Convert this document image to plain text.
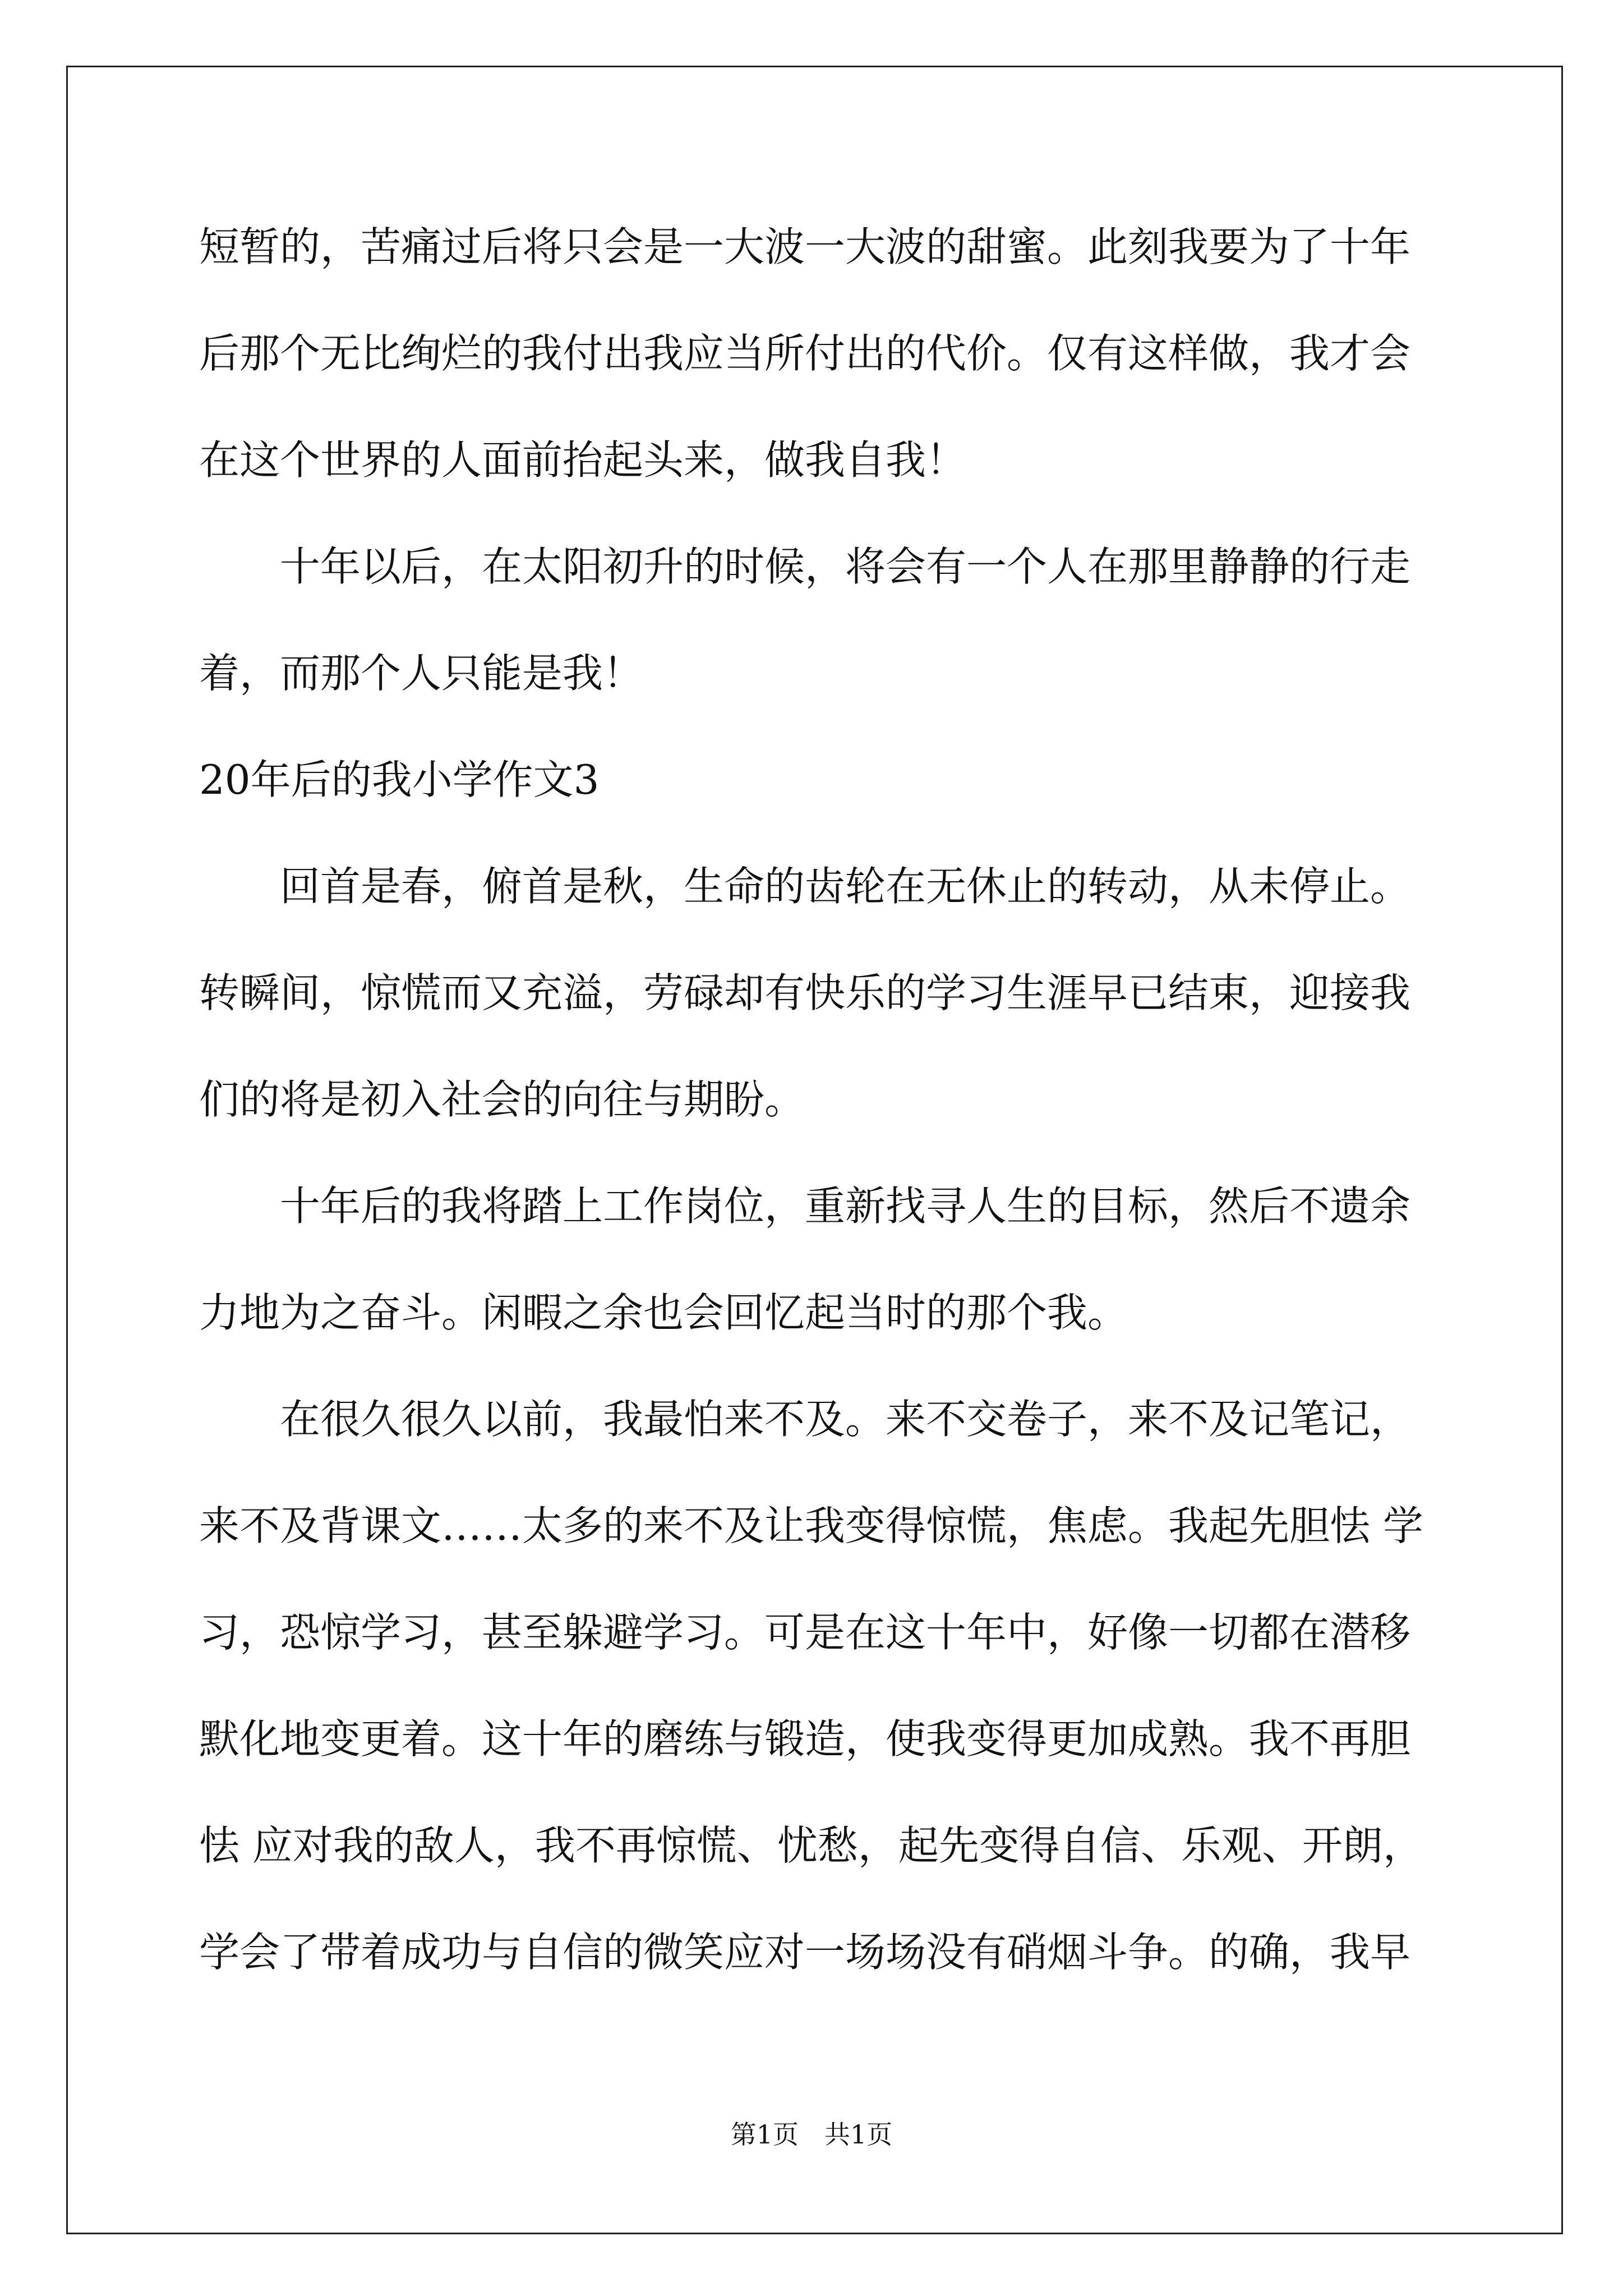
短暂的，苦痛过后将只会是一大波一大波的甜蜜。此刻我要为了十年
后那个无比绚烂的我付出我应当所付出的代价。仅有这样做，我才会
在这个世界的人面前抬起头来，做我自我！
　　十年以后，在太阳初升的时候，将会有一个人在那里静静的行走
着，而那个人只能是我！
20年后的我小学作文3
　　回首是春，俯首是秋，生命的齿轮在无休止的转动，从未停止。
转瞬间，惊慌而又充溢，劳碌却有快乐的学习生涯早已结束，迎接我
们的将是初入社会的向往与期盼。
　　十年后的我将踏上工作岗位，重新找寻人生的目标，然后不遗余
力地为之奋斗。闲暇之余也会回忆起当时的那个我。
　　在很久很久以前，我最怕来不及。来不交卷子，来不及记笔记，
来不及背课文……太多的来不及让我变得惊慌，焦虑。我起先胆怯 学
习，恐惊学习，甚至躲避学习。可是在这十年中，好像一切都在潜移
默化地变更着。这十年的磨练与锻造，使我变得更加成熟。我不再胆
怯 应对我的敌人，我不再惊慌、忧愁，起先变得自信、乐观、开朗，
学会了带着成功与自信的微笑应对一场场没有硝烟斗争。的确，我早
第1页　共1页
